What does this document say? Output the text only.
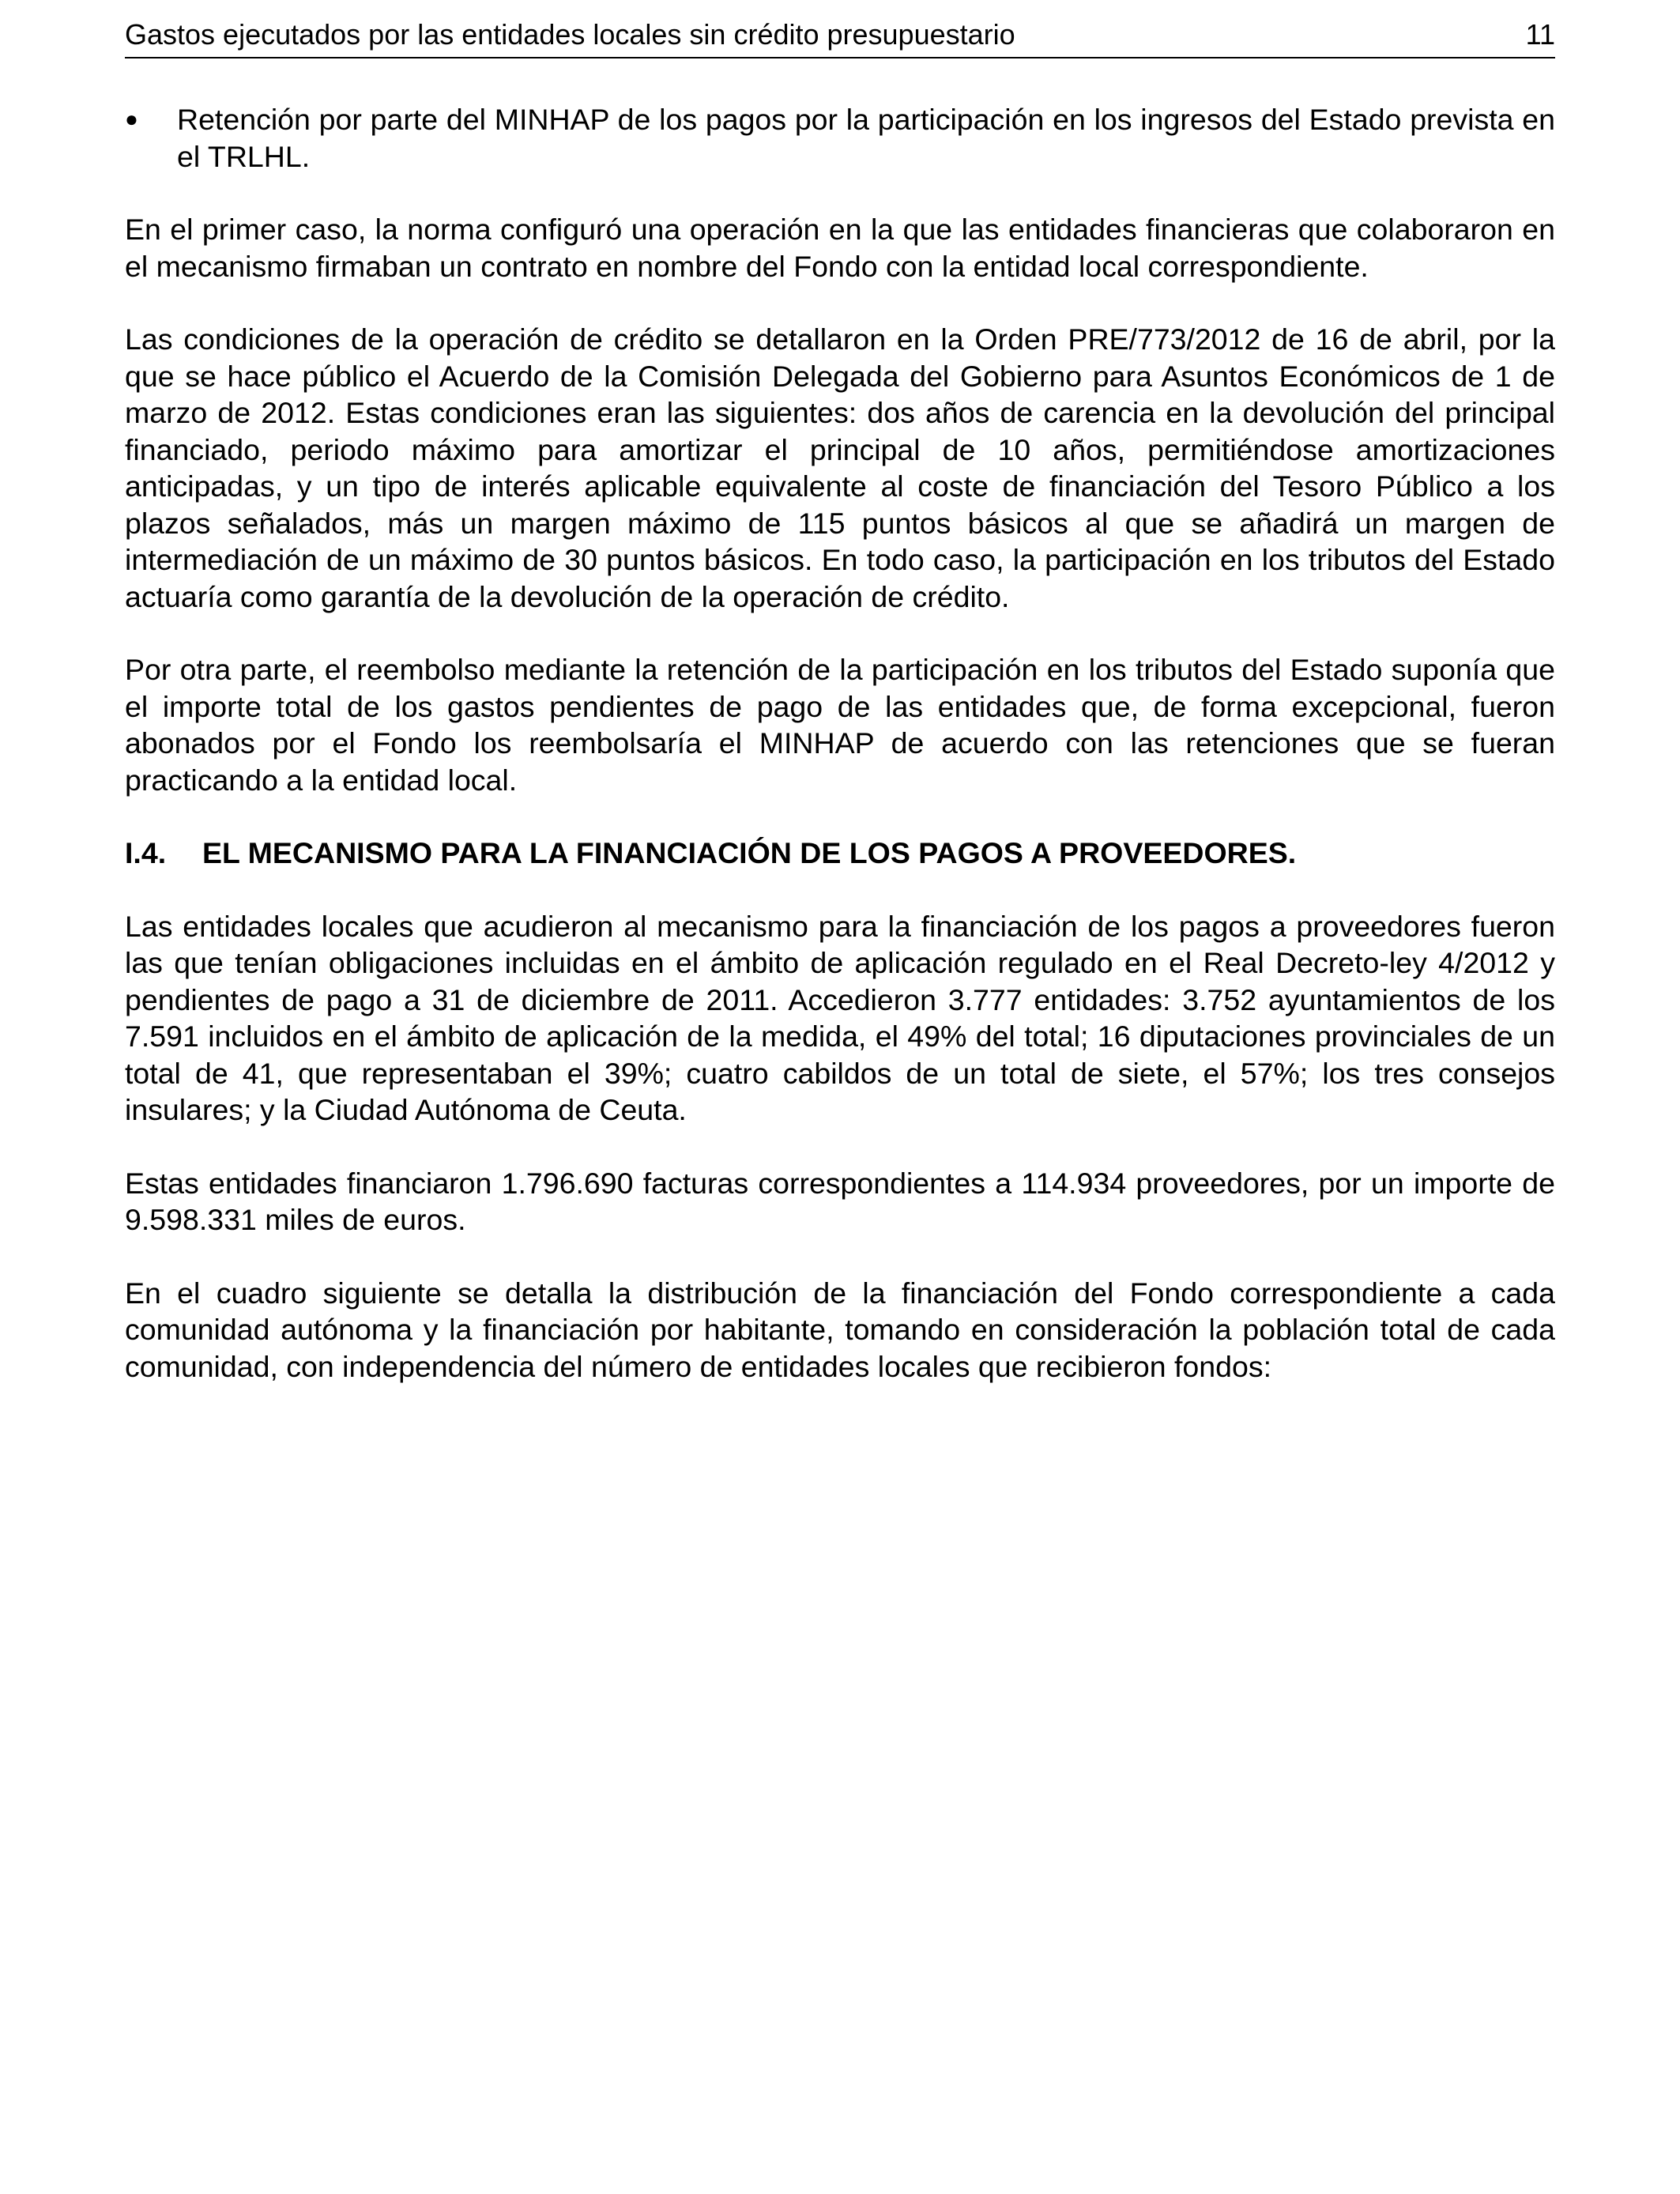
Gastos ejecutados por las entidades locales sin crédito presupuestario	11
●	Retención por parte del MINHAP de los pagos por la participación en los ingresos del Estado prevista en el TRLHL.

En el primer caso, la norma configuró una operación en la que las entidades financieras que colaboraron en el mecanismo firmaban un contrato en nombre del Fondo con la entidad local correspondiente.

Las condiciones de la operación de crédito se detallaron en la Orden PRE/773/2012 de 16 de abril, por la que se hace público el Acuerdo de la Comisión Delegada del Gobierno para Asuntos Económicos de 1 de marzo de 2012. Estas condiciones eran las siguientes: dos años de carencia en la devolución del principal financiado, periodo máximo para amortizar el principal de 10 años, permitiéndose amortizaciones anticipadas, y un tipo de interés aplicable equivalente al coste de financiación del Tesoro Público a los plazos señalados, más un margen máximo de 115 puntos básicos al que se añadirá un margen de intermediación de un máximo de 30 puntos básicos. En todo caso, la participación en los tributos del Estado actuaría como garantía de la devolución de la operación de crédito.

Por otra parte, el reembolso mediante la retención de la participación en los tributos del Estado suponía que el importe total de los gastos pendientes de pago de las entidades que, de forma excepcional, fueron abonados por el Fondo los reembolsaría el MINHAP de acuerdo con las retenciones que se fueran practicando a la entidad local.

I.4. EL MECANISMO PARA LA FINANCIACIÓN DE LOS PAGOS A PROVEEDORES.

Las entidades locales que acudieron al mecanismo para la financiación de los pagos a proveedores fueron las que tenían obligaciones incluidas en el ámbito de aplicación regulado en el Real Decreto-ley 4/2012 y pendientes de pago a 31 de diciembre de 2011. Accedieron 3.777 entidades: 3.752 ayuntamientos de los 7.591 incluidos en el ámbito de aplicación de la medida, el 49% del total; 16 diputaciones provinciales de un total de 41, que representaban el 39%; cuatro cabildos de un total de siete, el 57%; los tres consejos insulares; y la Ciudad Autónoma de Ceuta.

Estas entidades financiaron 1.796.690 facturas correspondientes a 114.934 proveedores, por un importe de 9.598.331 miles de euros.

En el cuadro siguiente se detalla la distribución de la financiación del Fondo correspondiente a cada comunidad autónoma y la financiación por habitante, tomando en consideración la población total de cada comunidad, con independencia del número de entidades locales que recibieron fondos:
